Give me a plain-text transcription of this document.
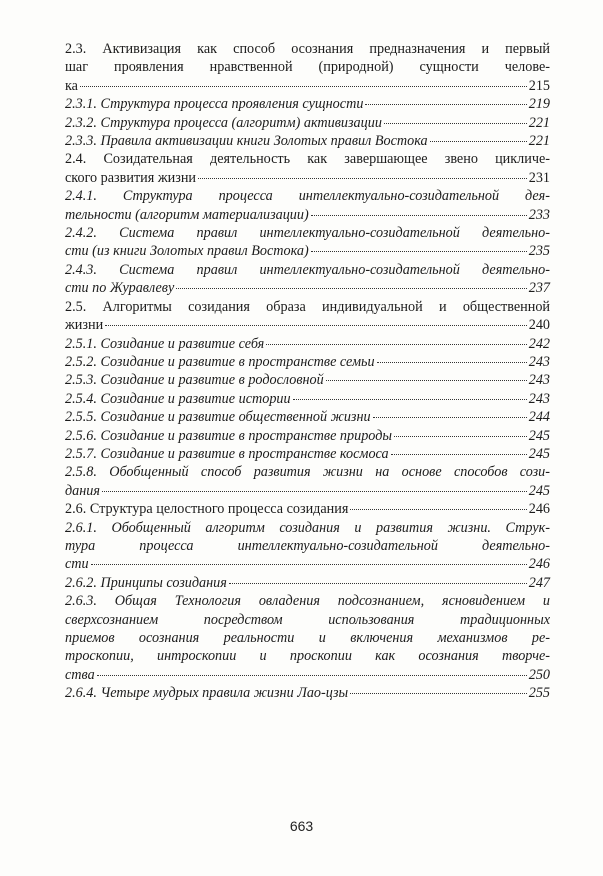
2.3. Активизация как способ осознания предназначения и первый
шаг проявления нравственной (природной) сущности челове-
ка	215
2.3.1. Структура процесса проявления сущности	219
2.3.2. Структура процесса (алгоритм) активизации	221
2.3.3. Правила активизации книги Золотых правил Востока	221
2.4. Созидательная деятельность как завершающее звено цикличе-
ского развития жизни	231
2.4.1. Структура процесса интеллектуально-созидательной дея-
тельности (алгоритм материализации)	233
2.4.2. Система правил интеллектуально-созидательной деятельно-
сти (из книги Золотых правил Востока)	235
2.4.3. Система правил интеллектуально-созидательной деятельно-
сти по Журавлеву	237
2.5. Алгоритмы созидания образа индивидуальной и общественной
жизни	240
2.5.1. Созидание и развитие себя	242
2.5.2. Созидание и развитие в пространстве семьи	243
2.5.3. Созидание и развитие в родословной	243
2.5.4. Созидание и развитие истории	243
2.5.5. Созидание и развитие общественной жизни	244
2.5.6. Созидание и развитие в пространстве природы	245
2.5.7. Созидание и развитие в пространстве космоса	245
2.5.8. Обобщенный способ развития жизни на основе способов сози-
дания	245
2.6. Структура целостного процесса созидания	246
2.6.1. Обобщенный алгоритм созидания и развития жизни. Струк-
тура процесса интеллектуально-созидательной деятельно-
сти	246
2.6.2. Принципы созидания	247
2.6.3. Общая Технология овладения подсознанием, ясновидением и
сверхсознанием посредством использования традиционных
приемов осознания реальности и включения механизмов ре-
троскопии, интроскопии и проскопии как осознания творче-
ства	250
2.6.4. Четыре мудрых правила жизни Лао-цзы	255
663
